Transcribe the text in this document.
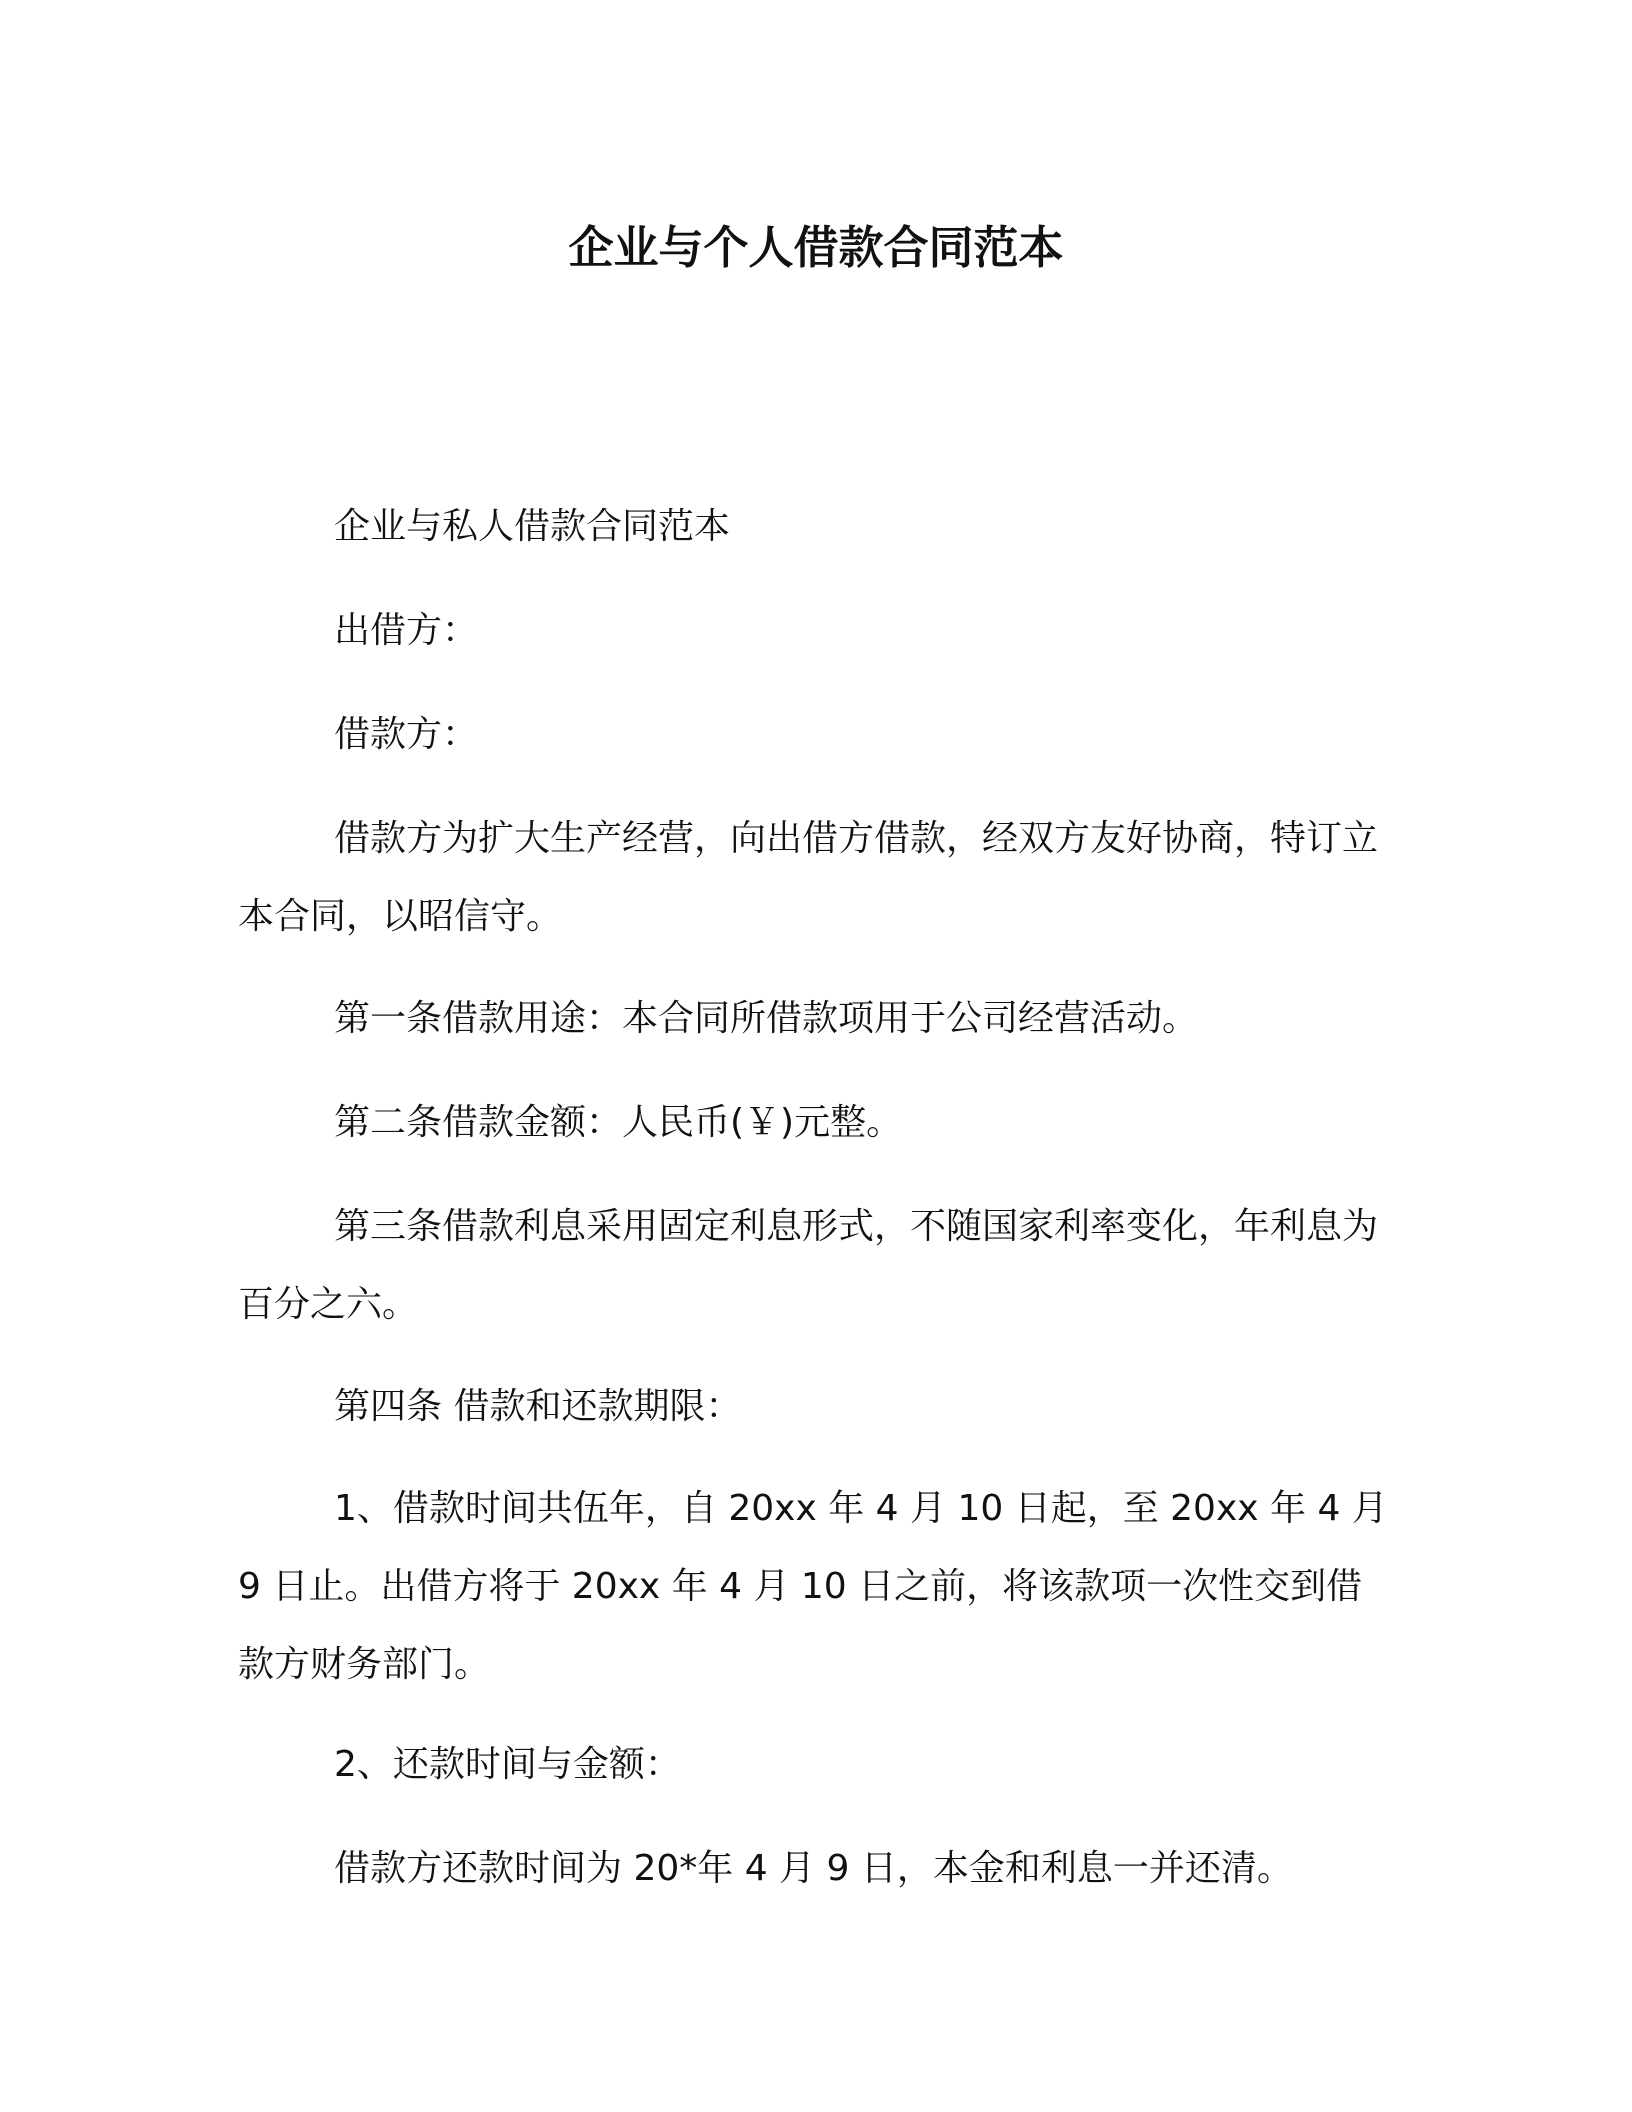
企业与个人借款合同范本

企业与私人借款合同范本

出借方：

借款方：

借款方为扩大生产经营，向出借方借款，经双方友好协商，特订立本合同，以昭信守。

第一条借款用途：本合同所借款项用于公司经营活动。

第二条借款金额：人民币(￥)元整。

第三条借款利息采用固定利息形式，不随国家利率变化，年利息为百分之六。

第四条 借款和还款期限：

1、借款时间共伍年，自 20xx 年 4 月 10 日起，至 20xx 年 4 月 9 日止。出借方将于 20xx 年 4 月 10 日之前，将该款项一次性交到借款方财务部门。

2、还款时间与金额：

借款方还款时间为 20*年 4 月 9 日，本金和利息一并还清。
